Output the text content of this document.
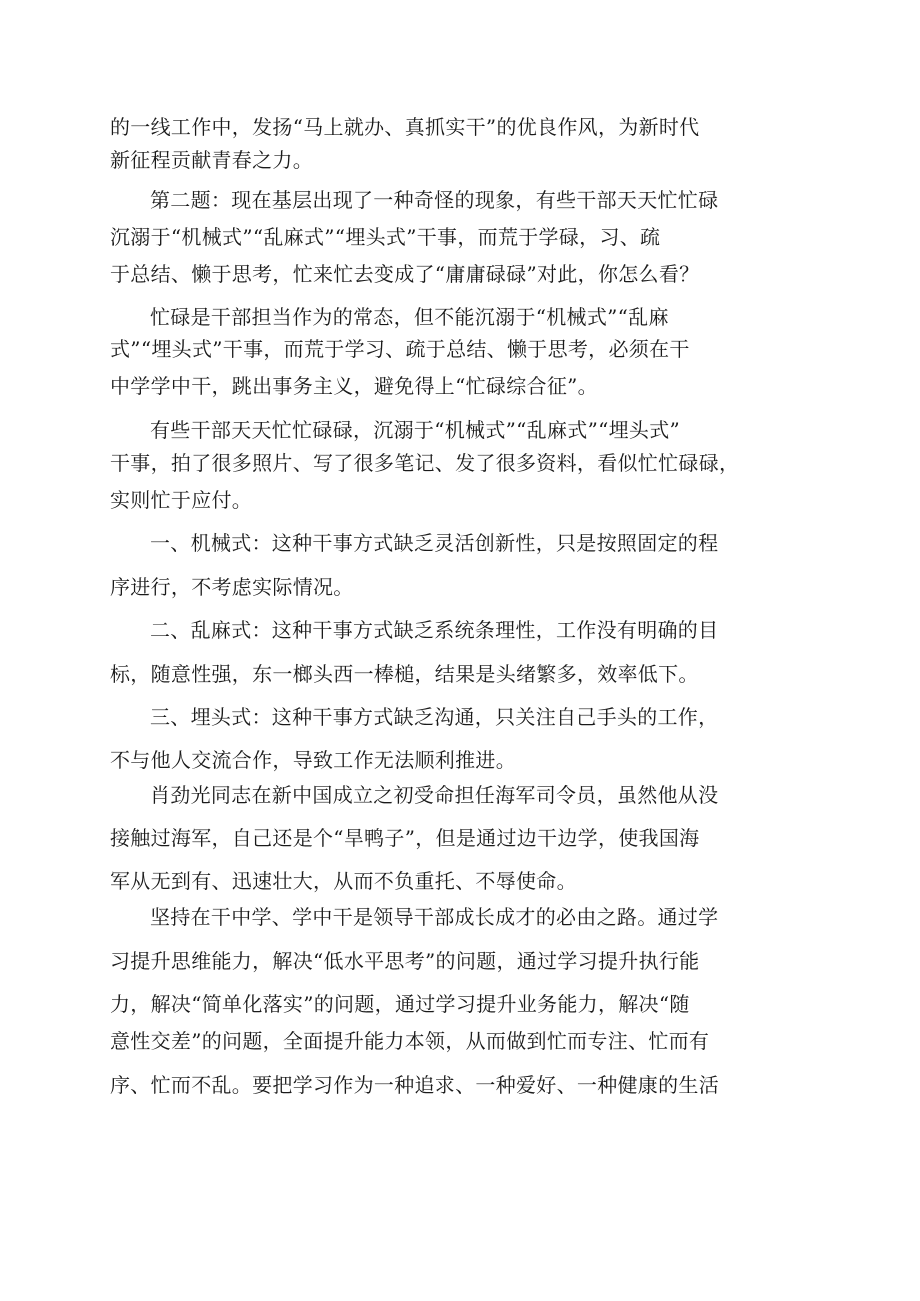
的一线工作中，发扬“马上就办、真抓实干”的优良作风，为新时代
新征程贡献青春之力。
第二题：现在基层出现了一种奇怪的现象，有些干部天天忙忙碌
沉溺于“机械式”“乱麻式”“埋头式”干事，而荒于学碌，习、疏
于总结、懒于思考，忙来忙去变成了“庸庸碌碌”对此，你怎么看？
忙碌是干部担当作为的常态，但不能沉溺于“机械式”“乱麻
式”“埋头式”干事，而荒于学习、疏于总结、懒于思考，必须在干
中学学中干，跳出事务主义，避免得上“忙碌综合征”。
有些干部天天忙忙碌碌，沉溺于“机械式”“乱麻式”“埋头式”
干事，拍了很多照片、写了很多笔记、发了很多资料，看似忙忙碌碌，
实则忙于应付。
一、机械式：这种干事方式缺乏灵活创新性，只是按照固定的程
序进行，不考虑实际情况。
二、乱麻式：这种干事方式缺乏系统条理性，工作没有明确的目
标，随意性强，东一榔头西一棒槌，结果是头绪繁多，效率低下。
三、埋头式：这种干事方式缺乏沟通，只关注自己手头的工作，
不与他人交流合作，导致工作无法顺利推进。
肖劲光同志在新中国成立之初受命担任海军司令员，虽然他从没
接触过海军，自己还是个“旱鸭子”，但是通过边干边学，使我国海
军从无到有、迅速壮大，从而不负重托、不辱使命。
坚持在干中学、学中干是领导干部成长成才的必由之路。通过学
习提升思维能力，解决“低水平思考”的问题，通过学习提升执行能
力，解决“简单化落实”的问题，通过学习提升业务能力，解决“随
意性交差”的问题，全面提升能力本领，从而做到忙而专注、忙而有
序、忙而不乱。要把学习作为一种追求、一种爱好、一种健康的生活
